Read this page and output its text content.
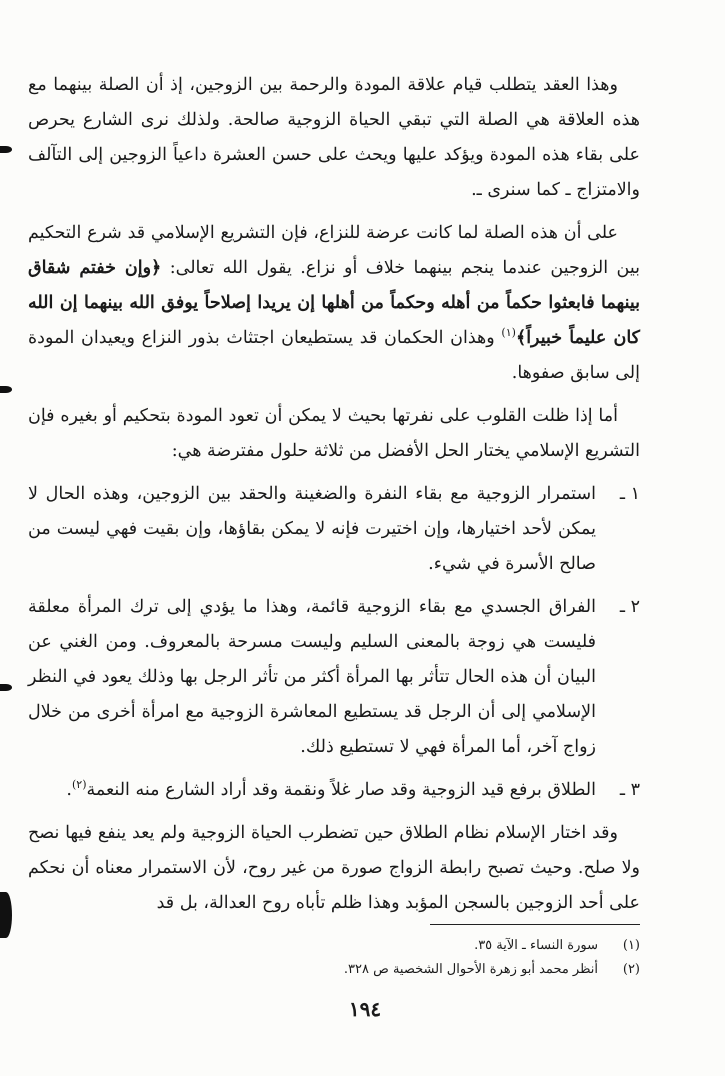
وهذا العقد يتطلب قيام علاقة المودة والرحمة بين الزوجين، إذ أن الصلة بينهما مع هذه العلاقة هي الصلة التي تبقي الحياة الزوجية صالحة. ولذلك نرى الشارع يحرص على بقاء هذه المودة ويؤكد عليها ويحث على حسن العشرة داعياً الزوجين إلى التآلف والامتزاج ـ كما سنرى ـ.

على أن هذه الصلة لما كانت عرضة للنزاع، فإن التشريع الإسلامي قد شرع التحكيم بين الزوجين عندما ينجم بينهما خلاف أو نزاع. يقول الله تعالى: ﴿وإن خفتم شقاق بينهما فابعثوا حكماً من أهله وحكماً من أهلها إن يريدا إصلاحاً يوفق الله بينهما إن الله كان عليماً خبيراً﴾$^{(١)}$ وهذان الحكمان قد يستطيعان اجتثاث بذور النزاع ويعيدان المودة إلى سابق صفوها.

أما إذا ظلت القلوب على نفرتها بحيث لا يمكن أن تعود المودة بتحكيم أو بغيره فإن التشريع الإسلامي يختار الحل الأفضل من ثلاثة حلول مفترضة هي:

١ ـ
استمرار الزوجية مع بقاء النفرة والضغينة والحقد بين الزوجين، وهذه الحال لا يمكن لأحد اختيارها، وإن اختيرت فإنه لا يمكن بقاؤها، وإن بقيت فهي ليست من صالح الأسرة في شيء.
٢ ـ
الفراق الجسدي مع بقاء الزوجية قائمة، وهذا ما يؤدي إلى ترك المرأة معلقة فليست هي زوجة بالمعنى السليم وليست مسرحة بالمعروف. ومن الغني عن البيان أن هذه الحال تتأثر بها المرأة أكثر من تأثر الرجل بها وذلك يعود في النظر الإسلامي إلى أن الرجل قد يستطيع المعاشرة الزوجية مع امرأة أخرى من خلال زواج آخر، أما المرأة فهي لا تستطيع ذلك.
٣ ـ
الطلاق برفع قيد الزوجية وقد صار غلاً ونقمة وقد أراد الشارع منه النعمة$^{(٢)}$.

وقد اختار الإسلام نظام الطلاق حين تضطرب الحياة الزوجية ولم يعد ينفع فيها نصح ولا صلح. وحيث تصبح رابطة الزواج صورة من غير روح، لأن الاستمرار معناه أن نحكم على أحد الزوجين بالسجن المؤبد وهذا ظلم تأباه روح العدالة، بل قد

(١)
سورة النساء ـ الآية ٣٥.
(٢)
أنظر محمد أبو زهرة الأحوال الشخصية ص ٣٢٨.
١٩٤
